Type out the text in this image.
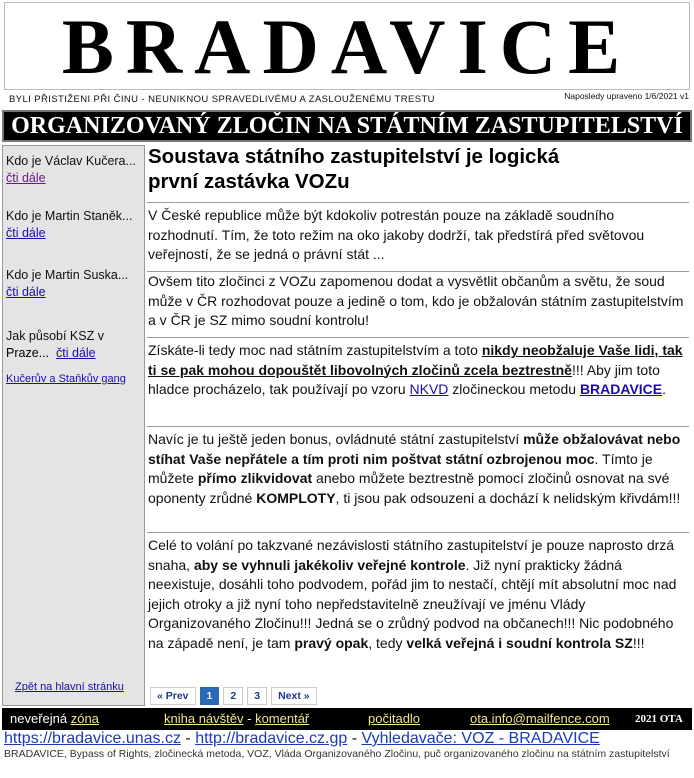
BRADAVICE
BYLI PŘISTIŽENI PŘI ČINU - NEUNIKNOU SPRAVEDLIVÉMU A ZASLOUŽENÉMU TRESTU	Naposledy upraveno 1/6/2021 v1
ORGANIZOVANÝ ZLOČIN NA STÁTNÍM ZASTUPITELSTVÍ
Kdo je Václav Kučera...
čti dále
Kdo je Martin Staněk...
čti dále
Kdo je Martin Suska...
čti dále
Jak působí KSZ v
Praze... čti dále
Kučerův a Staňkův gang
Zpět na hlavní stránku
Soustava státního zastupitelství je logická
první zastávka VOZu

V České republice může být kdokoliv potrestán pouze na základě soudního rozhodnutí. Tím, že toto režim na oko jakoby dodrží, tak předstírá před světovou veřejností, že se jedná o právní stát ...

Ovšem tito zločinci z VOZu zapomenou dodat a vysvětlit občanům a světu, že soud může v ČR rozhodovat pouze a jedině o tom, kdo je obžalován státním zastupitelstvím a v ČR je SZ mimo soudní kontrolu!

Získáte-li tedy moc nad státním zastupitelstvím a toto nikdy neobžaluje Vaše lidi, tak ti se pak mohou dopouštět libovolných zločinů zcela beztrestně!!! Aby jim toto hladce procházelo, tak používají po vzoru NKVD zločineckou metodu BRADAVICE.

Navíc je tu ještě jeden bonus, ovládnuté státní zastupitelství může obžalovávat nebo stíhat Vaše nepřátele a tím proti nim poštvat státní ozbrojenou moc. Tímto je můžete přímo zlikvidovat anebo můžete beztrestně pomocí zločinů osnovat na své oponenty zrůdné KOMPLOTY, ti jsou pak odsouzeni a dochází k nelidským křivdám!!!

Celé to volání po takzvané nezávislosti státního zastupitelství je pouze naprosto drzá snaha, aby se vyhnuli jakékoliv veřejné kontrole. Již nyní prakticky žádná neexistuje, dosáhli toho podvodem, pořád jim to nestačí, chtějí mít absolutní moc nad jejich otroky a již nyní toho nepředstavitelně zneužívají ve jménu Vlády Organizovaného Zločinu!!! Jedná se o zrůdný podvod na občanech!!! Nic podobného na západě není, je tam pravý opak, tedy velká veřejná i soudní kontrola SZ!!!

« Prev	1	2	3	Next »
neveřejná zóna	kniha návštěv - komentář	počitadlo	ota.info@mailfence.com 2021 OTA
https://bradavice.unas.cz - http://bradavice.cz.gp - Vyhledavače: VOZ - BRADAVICE
BRADAVICE, Bypass of Rights, zločinecká metoda, VOZ, Vláda Organizovaného Zločinu, puč organizovaného zločinu na státním zastupitelství
